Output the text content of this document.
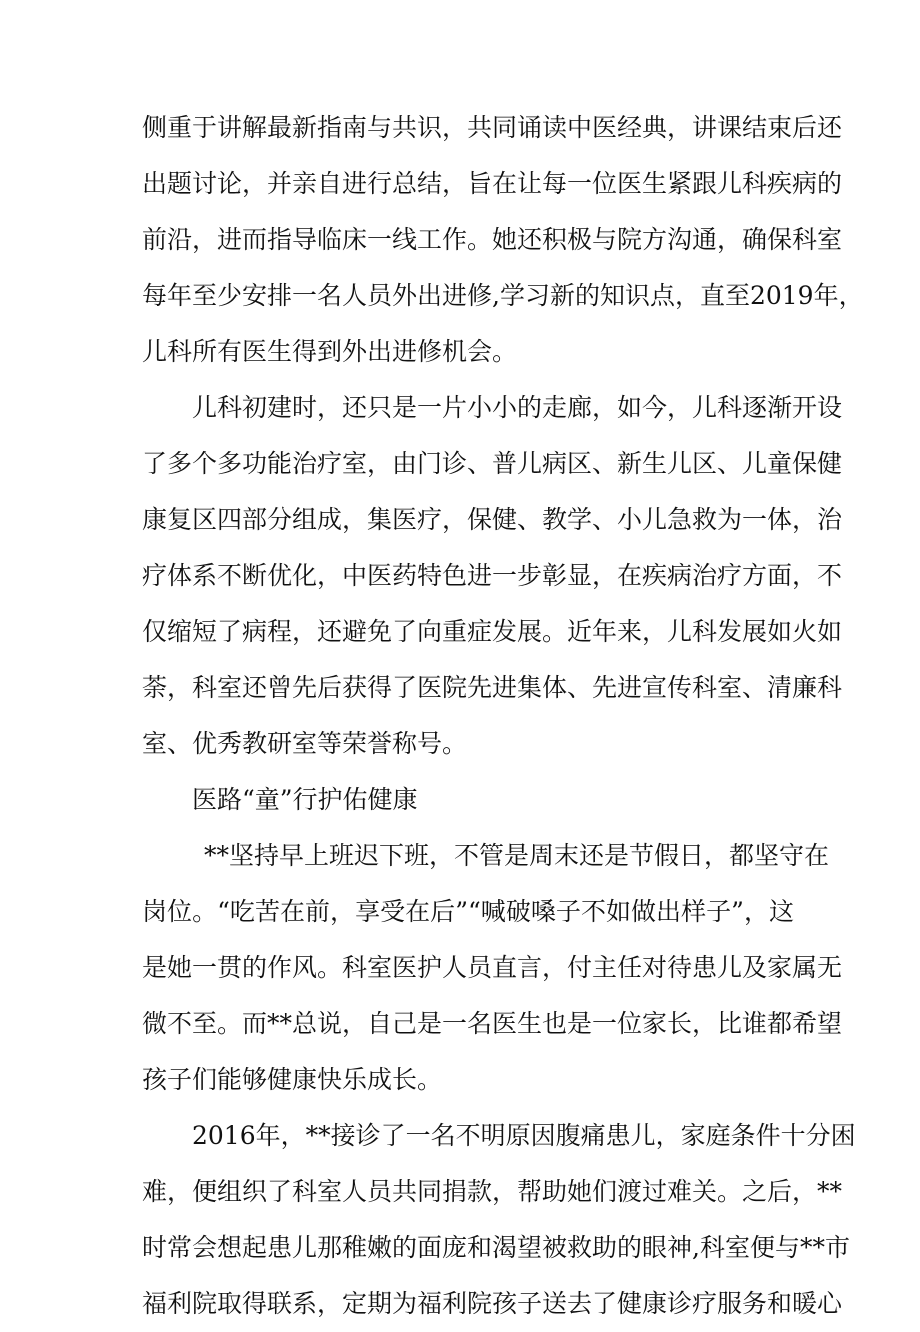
侧重于讲解最新指南与共识，共同诵读中医经典，讲课结束后还
出题讨论，并亲自进行总结，旨在让每一位医生紧跟儿科疾病的
前沿，进而指导临床一线工作。她还积极与院方沟通，确保科室
每年至少安排一名人员外出进修,学习新的知识点，直至2019年，
儿科所有医生得到外出进修机会。
儿科初建时，还只是一片小小的走廊，如今，儿科逐渐开设
了多个多功能治疗室，由门诊、普儿病区、新生儿区、儿童保健
康复区四部分组成，集医疗，保健、教学、小儿急救为一体，治
疗体系不断优化，中医药特色进一步彰显，在疾病治疗方面，不
仅缩短了病程，还避免了向重症发展。近年来，儿科发展如火如
荼，科室还曾先后获得了医院先进集体、先进宣传科室、清廉科
室、优秀教研室等荣誉称号。
医路“童”行护佑健康
**坚持早上班迟下班，不管是周末还是节假日，都坚守在
岗位。“吃苦在前，享受在后”“喊破嗓子不如做出样子”，这
是她一贯的作风。科室医护人员直言，付主任对待患儿及家属无
微不至。而**总说，自己是一名医生也是一位家长，比谁都希望
孩子们能够健康快乐成长。
2016年，**接诊了一名不明原因腹痛患儿，家庭条件十分困
难，便组织了科室人员共同捐款，帮助她们渡过难关。之后，**
时常会想起患儿那稚嫩的面庞和渴望被救助的眼神,科室便与**市
福利院取得联系，定期为福利院孩子送去了健康诊疗服务和暖心
